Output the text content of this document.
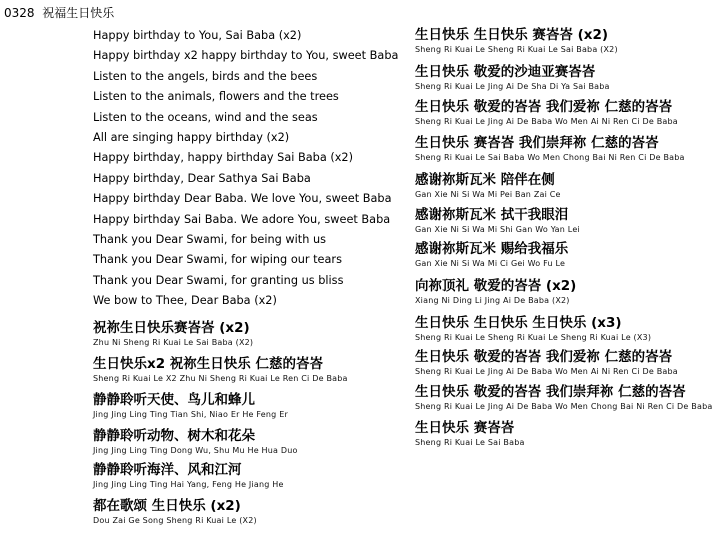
0328 祝福生日快乐
Happy birthday to You, Sai Baba (x2)
Happy birthday x2 happy birthday to You, sweet Baba
Listen to the angels, birds and the bees
Listen to the animals, flowers and the trees
Listen to the oceans, wind and the seas
All are singing happy birthday (x2)
Happy birthday, happy birthday Sai Baba (x2)
Happy birthday, Dear Sathya Sai Baba
Happy birthday Dear Baba. We love You, sweet Baba
Happy birthday Sai Baba. We adore You, sweet Baba
Thank you Dear Swami, for being with us
Thank you Dear Swami, for wiping our tears
Thank you Dear Swami, for granting us bliss
We bow to Thee, Dear Baba (x2)
祝祢生日快乐赛峇峇 (x2)
Zhu Ni Sheng Ri Kuai Le Sai Baba (X2)
生日快乐x2 祝祢生日快乐 仁慈的峇峇
Sheng Ri Kuai Le X2 Zhu Ni Sheng Ri Kuai Le Ren Ci De Baba
静静聆听天使、鸟儿和蜂儿
Jing Jing Ling Ting Tian Shi, Niao Er He Feng Er
静静聆听动物、树木和花朵
Jing Jing Ling Ting Dong Wu, Shu Mu He Hua Duo
静静聆听海洋、风和江河
Jing Jing Ling Ting Hai Yang, Feng He Jiang He
都在歌颂 生日快乐 (x2)
Dou Zai Ge Song Sheng Ri Kuai Le (X2)
生日快乐 生日快乐 赛峇峇 (x2)
Sheng Ri Kuai Le Sheng Ri Kuai Le Sai Baba (X2)
生日快乐 敬爱的沙迪亚赛峇峇
Sheng Ri Kuai Le Jing Ai De Sha Di Ya Sai Baba
生日快乐 敬爱的峇峇 我们爱祢 仁慈的峇峇
Sheng Ri Kuai Le Jing Ai De Baba Wo Men Ai Ni Ren Ci De Baba
生日快乐 赛峇峇 我们崇拜祢 仁慈的峇峇
Sheng Ri Kuai Le Sai Baba Wo Men Chong Bai Ni Ren Ci De Baba
感谢祢斯瓦米 陪伴在侧
Gan Xie Ni Si Wa Mi Pei Ban Zai Ce
感谢祢斯瓦米 拭干我眼泪
Gan Xie Ni Si Wa Mi Shi Gan Wo Yan Lei
感谢祢斯瓦米 赐给我福乐
Gan Xie Ni Si Wa Mi Ci Gei Wo Fu Le
向祢顶礼 敬爱的峇峇 (x2)
Xiang Ni Ding Li Jing Ai De Baba (X2)
生日快乐 生日快乐 生日快乐 (x3)
Sheng Ri Kuai Le Sheng Ri Kuai Le Sheng Ri Kuai Le (X3)
生日快乐 敬爱的峇峇 我们爱祢 仁慈的峇峇
Sheng Ri Kuai Le Jing Ai De Baba Wo Men Ai Ni Ren Ci De Baba
生日快乐 敬爱的峇峇 我们崇拜祢 仁慈的峇峇
Sheng Ri Kuai Le Jing Ai De Baba Wo Men Chong Bai Ni Ren Ci De Baba
生日快乐 赛峇峇
Sheng Ri Kuai Le Sai Baba
